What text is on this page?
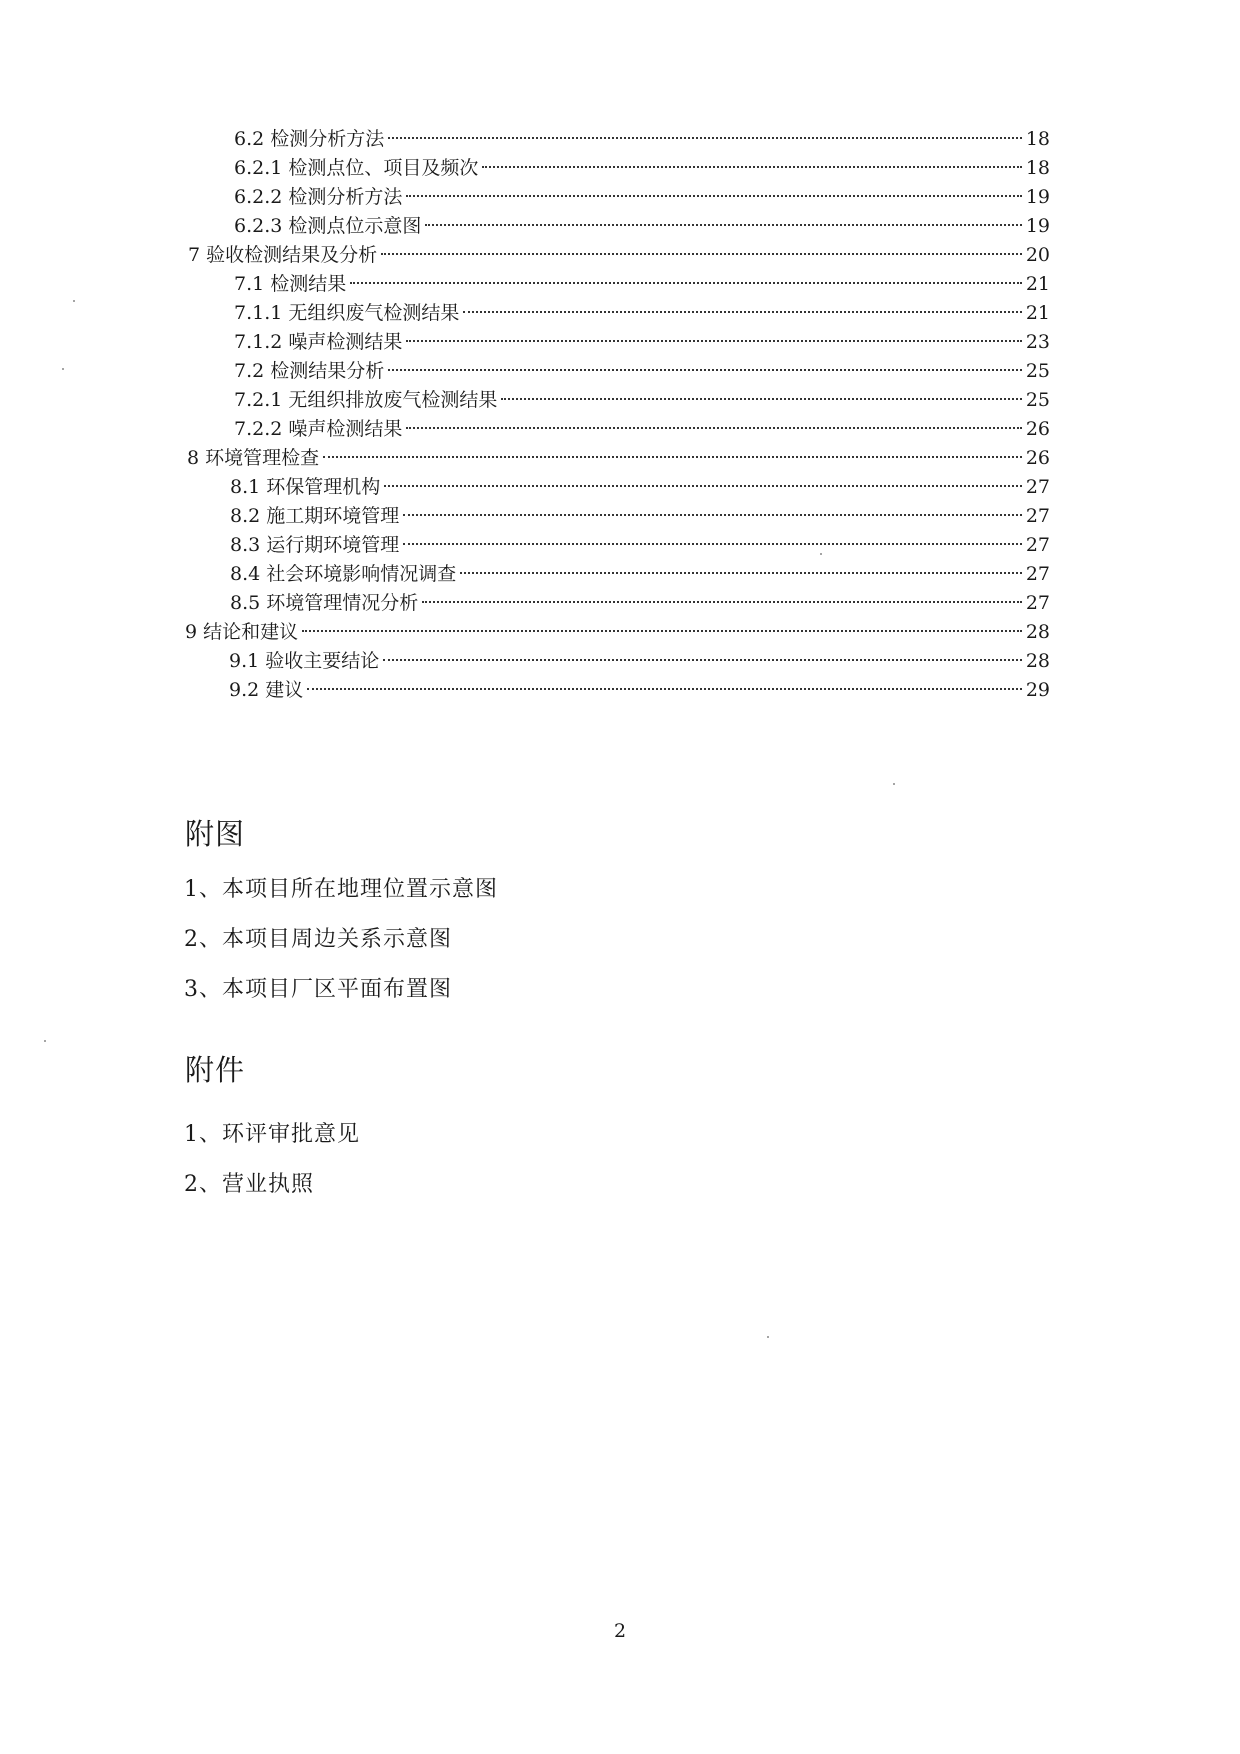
6.2 检测分析方法	18
6.2.1 检测点位、项目及频次	18
6.2.2 检测分析方法	19
6.2.3 检测点位示意图	19
7 验收检测结果及分析	20
7.1 检测结果	21
7.1.1 无组织废气检测结果	21
7.1.2 噪声检测结果	23
7.2 检测结果分析	25
7.2.1 无组织排放废气检测结果	25
7.2.2 噪声检测结果	26
8 环境管理检查	26
8.1 环保管理机构	27
8.2 施工期环境管理	27
8.3 运行期环境管理	27
8.4 社会环境影响情况调查	27
8.5 环境管理情况分析	27
9 结论和建议	28
9.1 验收主要结论	28
9.2 建议	29
附图
1、本项目所在地理位置示意图
2、本项目周边关系示意图
3、本项目厂区平面布置图
附件
1、环评审批意见
2、营业执照
2
